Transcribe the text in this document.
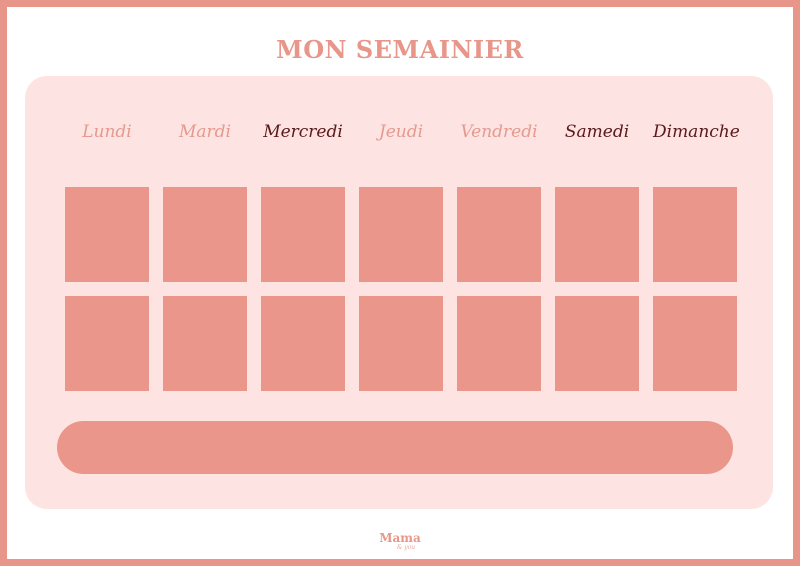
MON SEMAINIER
Lundi	Mardi	Mercredi	Jeudi	Vendredi	Samedi	Dimanche
Mama
& you
